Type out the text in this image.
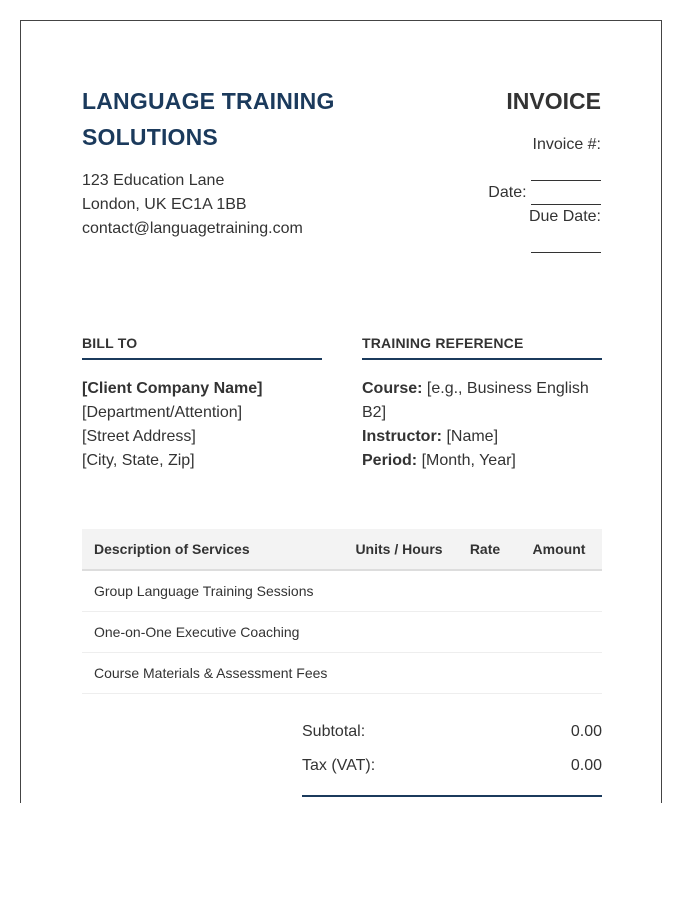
LANGUAGE TRAINING SOLUTIONS
123 Education Lane
London, UK EC1A 1BB
contact@languagetraining.com
INVOICE
Invoice #:
Date:
Due Date:
BILL TO	TRAINING REFERENCE
[Client Company Name]
[Department/Attention]
[Street Address]
[City, State, Zip]
Course: [e.g., Business English B2]
Instructor: [Name]
Period: [Month, Year]
Description of Services	Units / Hours	Rate	Amount
Group Language Training Sessions			
One-on-One Executive Coaching			
Course Materials & Assessment Fees			
Subtotal:	0.00
Tax (VAT):	0.00
